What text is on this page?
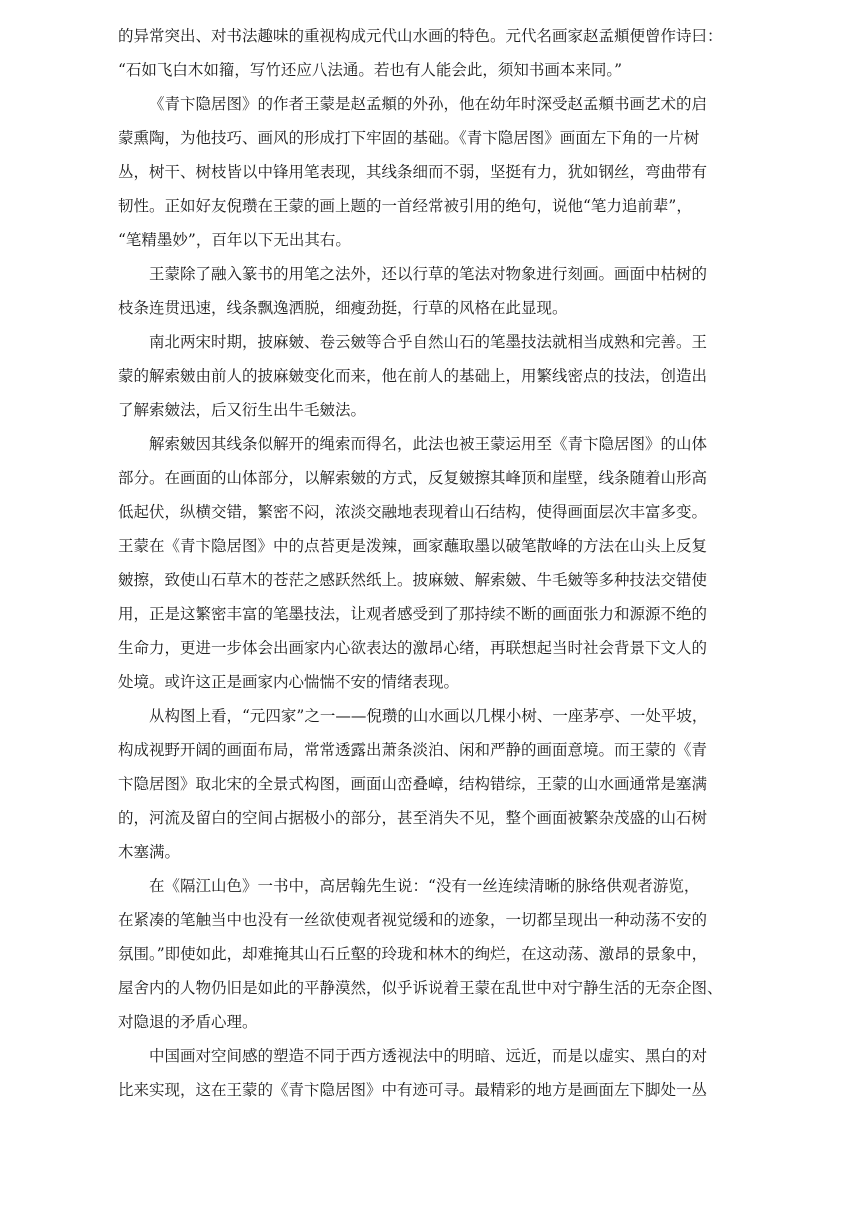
的异常突出、对书法趣味的重视构成元代山水画的特色。元代名画家赵孟頫便曾作诗曰：
“石如飞白木如籀，写竹还应八法通。若也有人能会此，须知书画本来同。”
《青卞隐居图》的作者王蒙是赵孟頫的外孙，他在幼年时深受赵孟頫书画艺术的启
蒙熏陶，为他技巧、画风的形成打下牢固的基础。《青卞隐居图》画面左下角的一片树
丛，树干、树枝皆以中锋用笔表现，其线条细而不弱，坚挺有力，犹如钢丝，弯曲带有
韧性。正如好友倪瓒在王蒙的画上题的一首经常被引用的绝句，说他“笔力追前辈”，
“笔精墨妙”，百年以下无出其右。
王蒙除了融入篆书的用笔之法外，还以行草的笔法对物象进行刻画。画面中枯树的
枝条连贯迅速，线条飘逸洒脱，细瘦劲挺，行草的风格在此显现。
南北两宋时期，披麻皴、卷云皴等合乎自然山石的笔墨技法就相当成熟和完善。王
蒙的解索皴由前人的披麻皴变化而来，他在前人的基础上，用繁线密点的技法，创造出
了解索皴法，后又衍生出牛毛皴法。
解索皴因其线条似解开的绳索而得名，此法也被王蒙运用至《青卞隐居图》的山体
部分。在画面的山体部分，以解索皴的方式，反复皴擦其峰顶和崖壁，线条随着山形高
低起伏，纵横交错，繁密不闷，浓淡交融地表现着山石结构，使得画面层次丰富多变。
王蒙在《青卞隐居图》中的点苔更是泼辣，画家蘸取墨以破笔散峰的方法在山头上反复
皴擦，致使山石草木的苍茫之感跃然纸上。披麻皴、解索皴、牛毛皴等多种技法交错使
用，正是这繁密丰富的笔墨技法，让观者感受到了那持续不断的画面张力和源源不绝的
生命力，更进一步体会出画家内心欲表达的激昂心绪，再联想起当时社会背景下文人的
处境。或许这正是画家内心惴惴不安的情绪表现。
从构图上看，“元四家”之一——倪瓒的山水画以几棵小树、一座茅亭、一处平坡，
构成视野开阔的画面布局，常常透露出萧条淡泊、闲和严静的画面意境。而王蒙的《青
卞隐居图》取北宋的全景式构图，画面山峦叠嶂，结构错综，王蒙的山水画通常是塞满
的，河流及留白的空间占据极小的部分，甚至消失不见，整个画面被繁杂茂盛的山石树
木塞满。
在《隔江山色》一书中，高居翰先生说：“没有一丝连续清晰的脉络供观者游览，
在紧凑的笔触当中也没有一丝欲使观者视觉缓和的迹象，一切都呈现出一种动荡不安的
氛围。”即使如此，却难掩其山石丘壑的玲珑和林木的绚烂，在这动荡、激昂的景象中，
屋舍内的人物仍旧是如此的平静漠然，似乎诉说着王蒙在乱世中对宁静生活的无奈企图、
对隐退的矛盾心理。
中国画对空间感的塑造不同于西方透视法中的明暗、远近，而是以虚实、黑白的对
比来实现，这在王蒙的《青卞隐居图》中有迹可寻。最精彩的地方是画面左下脚处一丛
